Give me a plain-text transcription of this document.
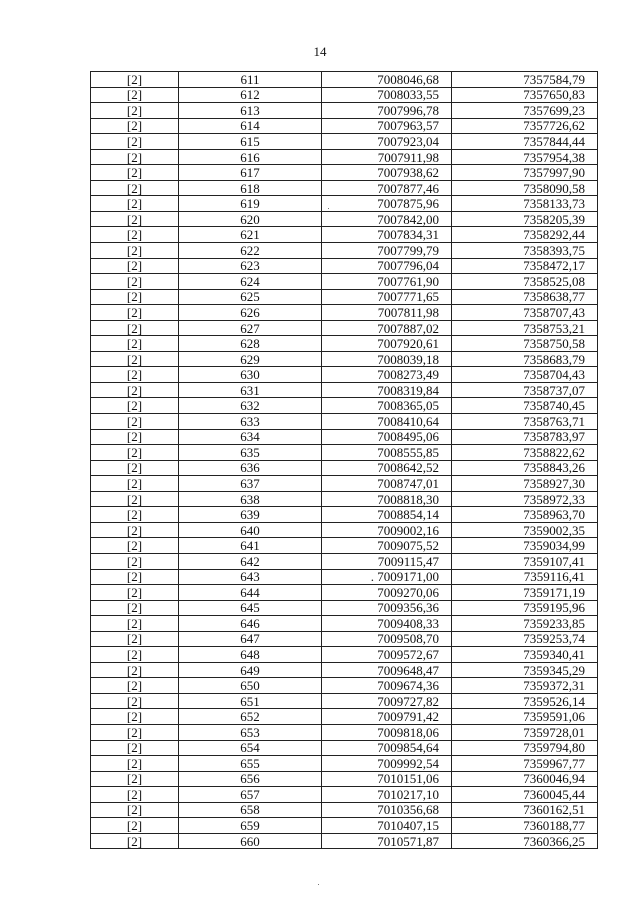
14
[2]	611	7008046,68	7357584,79
[2]	612	7008033,55	7357650,83
[2]	613	7007996,78	7357699,23
[2]	614	7007963,57	7357726,62
[2]	615	7007923,04	7357844,44
[2]	616	7007911,98	7357954,38
[2]	617	7007938,62	7357997,90
[2]	618	7007877,46	7358090,58
[2]	619	7007875,96	7358133,73
[2]	620	7007842,00	7358205,39
[2]	621	7007834,31	7358292,44
[2]	622	7007799,79	7358393,75
[2]	623	7007796,04	7358472,17
[2]	624	7007761,90	7358525,08
[2]	625	7007771,65	7358638,77
[2]	626	7007811,98	7358707,43
[2]	627	7007887,02	7358753,21
[2]	628	7007920,61	7358750,58
[2]	629	7008039,18	7358683,79
[2]	630	7008273,49	7358704,43
[2]	631	7008319,84	7358737,07
[2]	632	7008365,05	7358740,45
[2]	633	7008410,64	7358763,71
[2]	634	7008495,06	7358783,97
[2]	635	7008555,85	7358822,62
[2]	636	7008642,52	7358843,26
[2]	637	7008747,01	7358927,30
[2]	638	7008818,30	7358972,33
[2]	639	7008854,14	7358963,70
[2]	640	7009002,16	7359002,35
[2]	641	7009075,52	7359034,99
[2]	642	7009115,47	7359107,41
[2]	643	. 7009171,00	7359116,41
[2]	644	7009270,06	7359171,19
[2]	645	7009356,36	7359195,96
[2]	646	7009408,33	7359233,85
[2]	647	7009508,70	7359253,74
[2]	648	7009572,67	7359340,41
[2]	649	7009648,47	7359345,29
[2]	650	7009674,36	7359372,31
[2]	651	7009727,82	7359526,14
[2]	652	7009791,42	7359591,06
[2]	653	7009818,06	7359728,01
[2]	654	7009854,64	7359794,80
[2]	655	7009992,54	7359967,77
[2]	656	7010151,06	7360046,94
[2]	657	7010217,10	7360045,44
[2]	658	7010356,68	7360162,51
[2]	659	7010407,15	7360188,77
[2]	660	7010571,87	7360366,25
